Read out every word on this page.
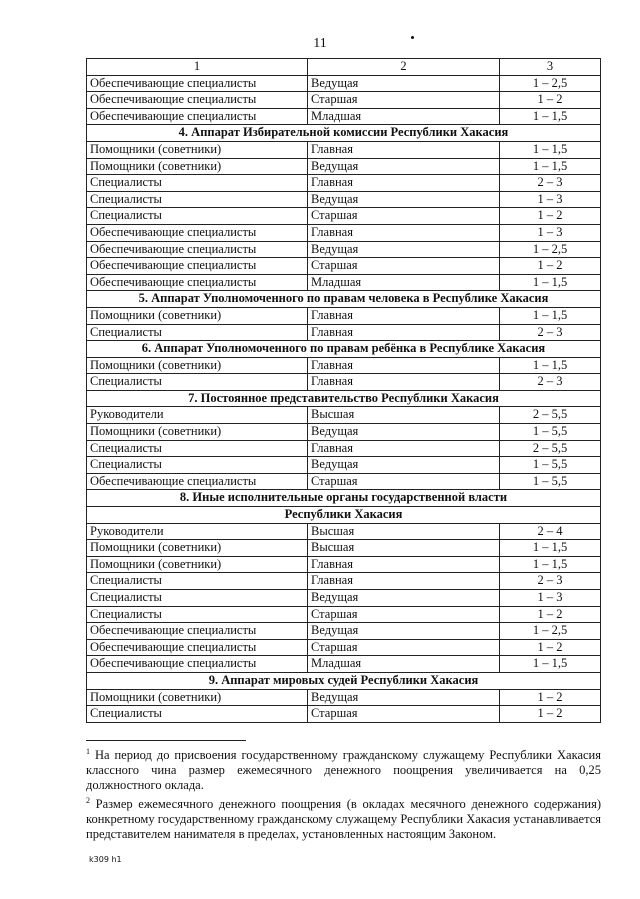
11
1	2	3
Обеспечивающие специалисты	Ведущая	1 – 2,5
Обеспечивающие специалисты	Старшая	1 – 2
Обеспечивающие специалисты	Младшая	1 – 1,5
4. Аппарат Избирательной комиссии Республики Хакасия		
Помощники (советники)	Главная	1 – 1,5
Помощники (советники)	Ведущая	1 – 1,5
Специалисты	Главная	2 – 3
Специалисты	Ведущая	1 – 3
Специалисты	Старшая	1 – 2
Обеспечивающие специалисты	Главная	1 – 3
Обеспечивающие специалисты	Ведущая	1 – 2,5
Обеспечивающие специалисты	Старшая	1 – 2
Обеспечивающие специалисты	Младшая	1 – 1,5
5. Аппарат Уполномоченного по правам человека в Республике Хакасия		
Помощники (советники)	Главная	1 – 1,5
Специалисты	Главная	2 – 3
6. Аппарат Уполномоченного по правам ребёнка в Республике Хакасия		
Помощники (советники)	Главная	1 – 1,5
Специалисты	Главная	2 – 3
7. Постоянное представительство Республики Хакасия		
Руководители	Высшая	2 – 5,5
Помощники (советники)	Ведущая	1 – 5,5
Специалисты	Главная	2 – 5,5
Специалисты	Ведущая	1 – 5,5
Обеспечивающие специалисты	Старшая	1 – 5,5
8. Иные исполнительные органы государственной власти		
Республики Хакасия		
Руководители	Высшая	2 – 4
Помощники (советники)	Высшая	1 – 1,5
Помощники (советники)	Главная	1 – 1,5
Специалисты	Главная	2 – 3
Специалисты	Ведущая	1 – 3
Специалисты	Старшая	1 – 2
Обеспечивающие специалисты	Ведущая	1 – 2,5
Обеспечивающие специалисты	Старшая	1 – 2
Обеспечивающие специалисты	Младшая	1 – 1,5
9. Аппарат мировых судей Республики Хакасия		
Помощники (советники)	Ведущая	1 – 2
Специалисты	Старшая	1 – 2

$^1$ На период до присвоения государственному гражданскому служащему Республики Хакасия классного чина размер ежемесячного денежного поощрения увеличивается на 0,25 должностного оклада.

$^2$ Размер ежемесячного денежного поощрения (в окладах месячного денежного содержания) конкретному государственному гражданскому служащему Республики Хакасия устанавливается представителем нанимателя в пределах, установленных настоящим Законом.

k309 h1
